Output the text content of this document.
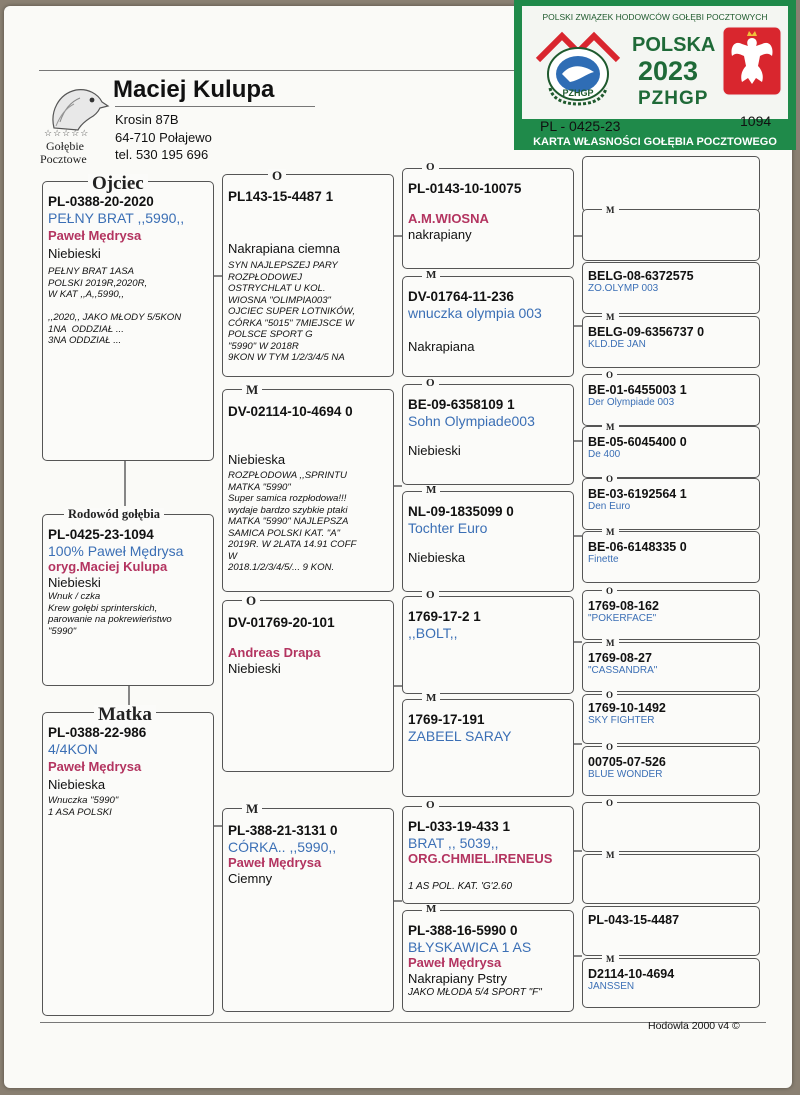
☆☆☆☆☆
Gołębie
Pocztowe
Maciej Kulupa
Krosin 87B
64-710 Połajewo
tel. 530 195 696
POLSKI ZWIĄZEK HODOWCÓW GOŁĘBI POCZTOWYCH
PZHGP
POLSKA
2023
PZHGP
PL - 0425-23	1094
KARTA WŁASNOŚCI GOŁĘBIA POCZTOWEGO
PL-0388-20-2020
PEŁNY BRAT ,,5990,,
Paweł Mędrysa
Niebieski
PEŁNY BRAT 1ASA
POLSKI 2019R,2020R,
W KAT ,,A,,5990,,

,,2020,, JAKO MŁODY 5/5KON
1NA  ODDZIAŁ ...
3NA ODDZIAŁ ...
Ojciec
PL-0425-23-1094
100% Paweł Mędrysa
oryg.Maciej Kulupa
Niebieski
Wnuk / czka
Krew gołębi sprinterskich,
parowanie na pokrewieństwo
"5990"
Rodowód gołębia
PL-0388-22-986
4/4KON
Paweł Mędrysa
Niebieska
Wnuczka "5990"
1 ASA POLSKI
Matka
PL143-15-4487 1
Nakrapiana ciemna
SYN NAJLEPSZEJ PARY
ROZPŁODOWEJ
OSTRYCHLAT U KOL.
WIOSNA "OLIMPIA003"
OJCIEC SUPER LOTNIKÓW,
CÓRKA "5015" 7MIEJSCE W
POLSCE SPORT G
"5990" W 2018R
9KON W TYM 1/2/3/4/5 NA
O
DV-02114-10-4694 0
Niebieska
ROZPŁODOWA ,,SPRINTU
MATKA "5990"
Super samica rozpłodowa!!!
wydaje bardzo szybkie ptaki
MATKA "5990" NAJLEPSZA
SAMICA POLSKI KAT. "A"
2019R. W 2LATA 14.91 COFF
W
2018.1/2/3/4/5/... 9 KON.
M
DV-01769-20-101
Andreas Drapa
Niebieski
O
PL-388-21-3131 0
CÓRKA.. ,,5990,,
Paweł Mędrysa
Ciemny
M
PL-0143-10-10075
A.M.WIOSNA
nakrapiany
O
DV-01764-11-236
wnuczka olympia 003
Nakrapiana
M
BE-09-6358109 1
Sohn Olympiade003
Niebieski
O
NL-09-1835099 0
Tochter Euro
Niebieska
M
1769-17-2 1
,,BOLT,,
O
1769-17-191
ZABEEL SARAY
M
PL-033-19-433 1
BRAT ,, 5039,,
ORG.CHMIEL.IRENEUS
1 AS POL. KAT. 'G'2.60
O
PL-388-16-5990 0
BŁYSKAWICA 1 AS
Paweł Mędrysa
Nakrapiany Pstry
JAKO MŁODA 5/4 SPORT "F"
M
M
BELG-08-6372575
ZO.OLYMP 003
BELG-09-6356737 0
KLD.DE JAN
M
BE-01-6455003 1
Der Olympiade 003
O
BE-05-6045400 0
De 400
M
BE-03-6192564 1
Den Euro
O
BE-06-6148335 0
Finette
M
1769-08-162
"POKERFACE"
O
1769-08-27
"CASSANDRA"
M
1769-10-1492
SKY FIGHTER
O
00705-07-526
BLUE WONDER
O
O
M
PL-043-15-4487
D2114-10-4694
JANSSEN
M
Hodowla 2000 v4 ©
